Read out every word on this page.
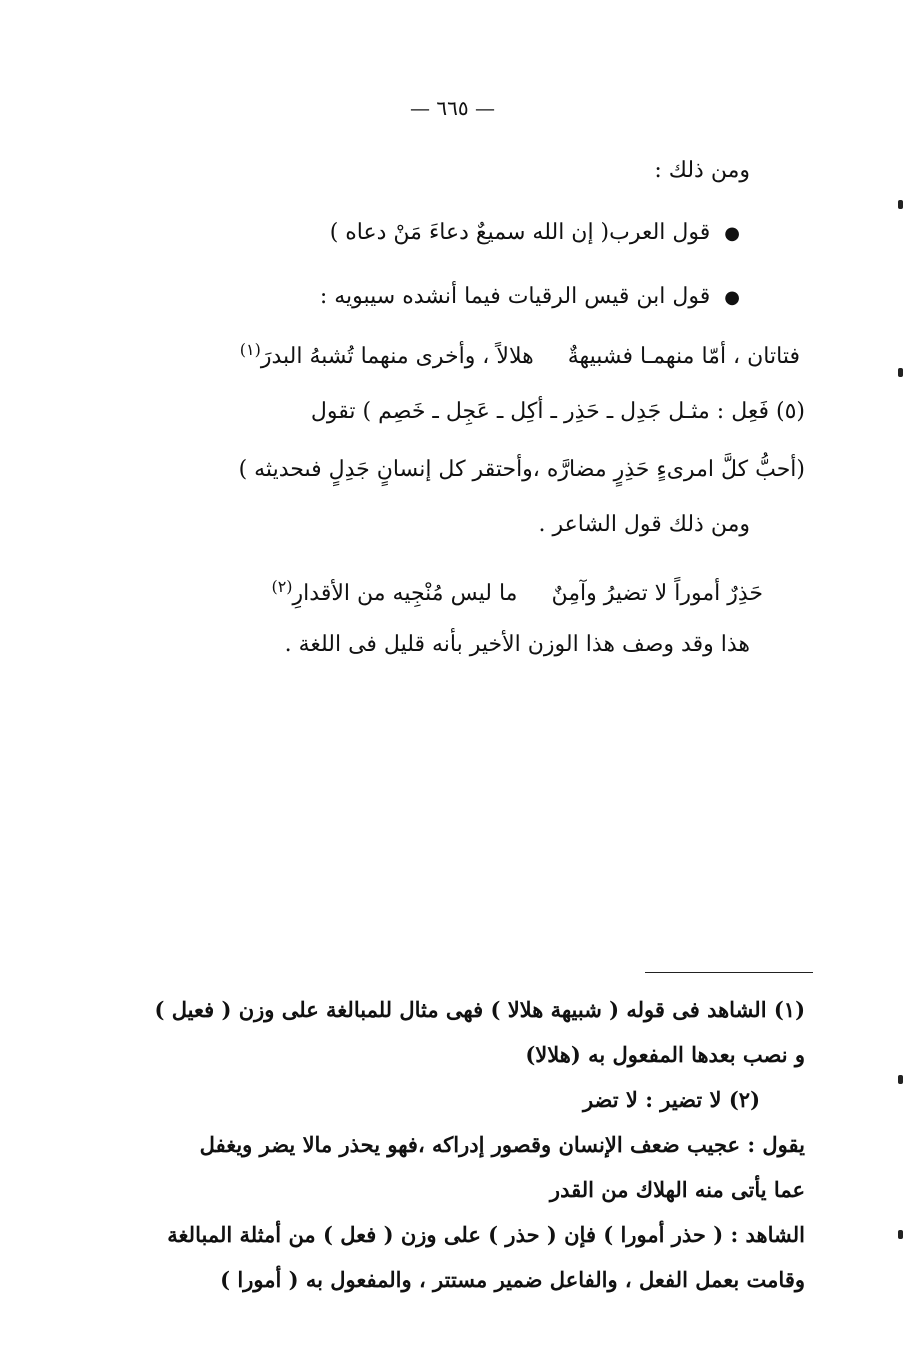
— ٦٦٥ —
ومن ذلك :
●قول العرب( إن الله سميعٌ دعاءَ مَنْ دعاه )
●قول ابن قيس الرقيات فيما أنشده سيبويه :
فتاتان ، أمّا منهمـا فشبيهةٌهلالاً ، وأخرى منهما تُشبهُ البدرَ$^{(١)}$
(٥) فَعِل : مثـل جَدِل ـ حَذِر ـ أكِل ـ عَجِل ـ خَصِم ) تقول
(أحبُّ كلَّ امرىءٍ حَذِرٍ مضارَّه ،وأحتقر كل إنسانٍ جَدِلٍ فىحديثه )
ومن ذلك قول الشاعر .
حَذِرٌ أموراً لا تضيرُ وآمِنٌما ليس مُنْجِيه من الأقدارِ$^{(٢)}$
هذا وقد وصف هذا الوزن الأخير بأنه قليل فى اللغة .
(١) الشاهد فى قوله ( شبيهة هلالا ) فهى مثال للمبالغة على وزن ( فعيل )
و نصب بعدها المفعول به (هلالا)
(٢) لا تضير : لا تضر
يقول : عجيب ضعف الإنسان وقصور إدراكه ،فهو يحذر مالا يضر ويغفل
عما يأتى منه الهلاك من القدر
الشاهد : ( حذر أمورا ) فإن ( حذر ) على وزن ( فعل ) من أمثلة المبالغة
وقامت بعمل الفعل ، والفاعل ضمير مستتر ، والمفعول به ( أمورا )
